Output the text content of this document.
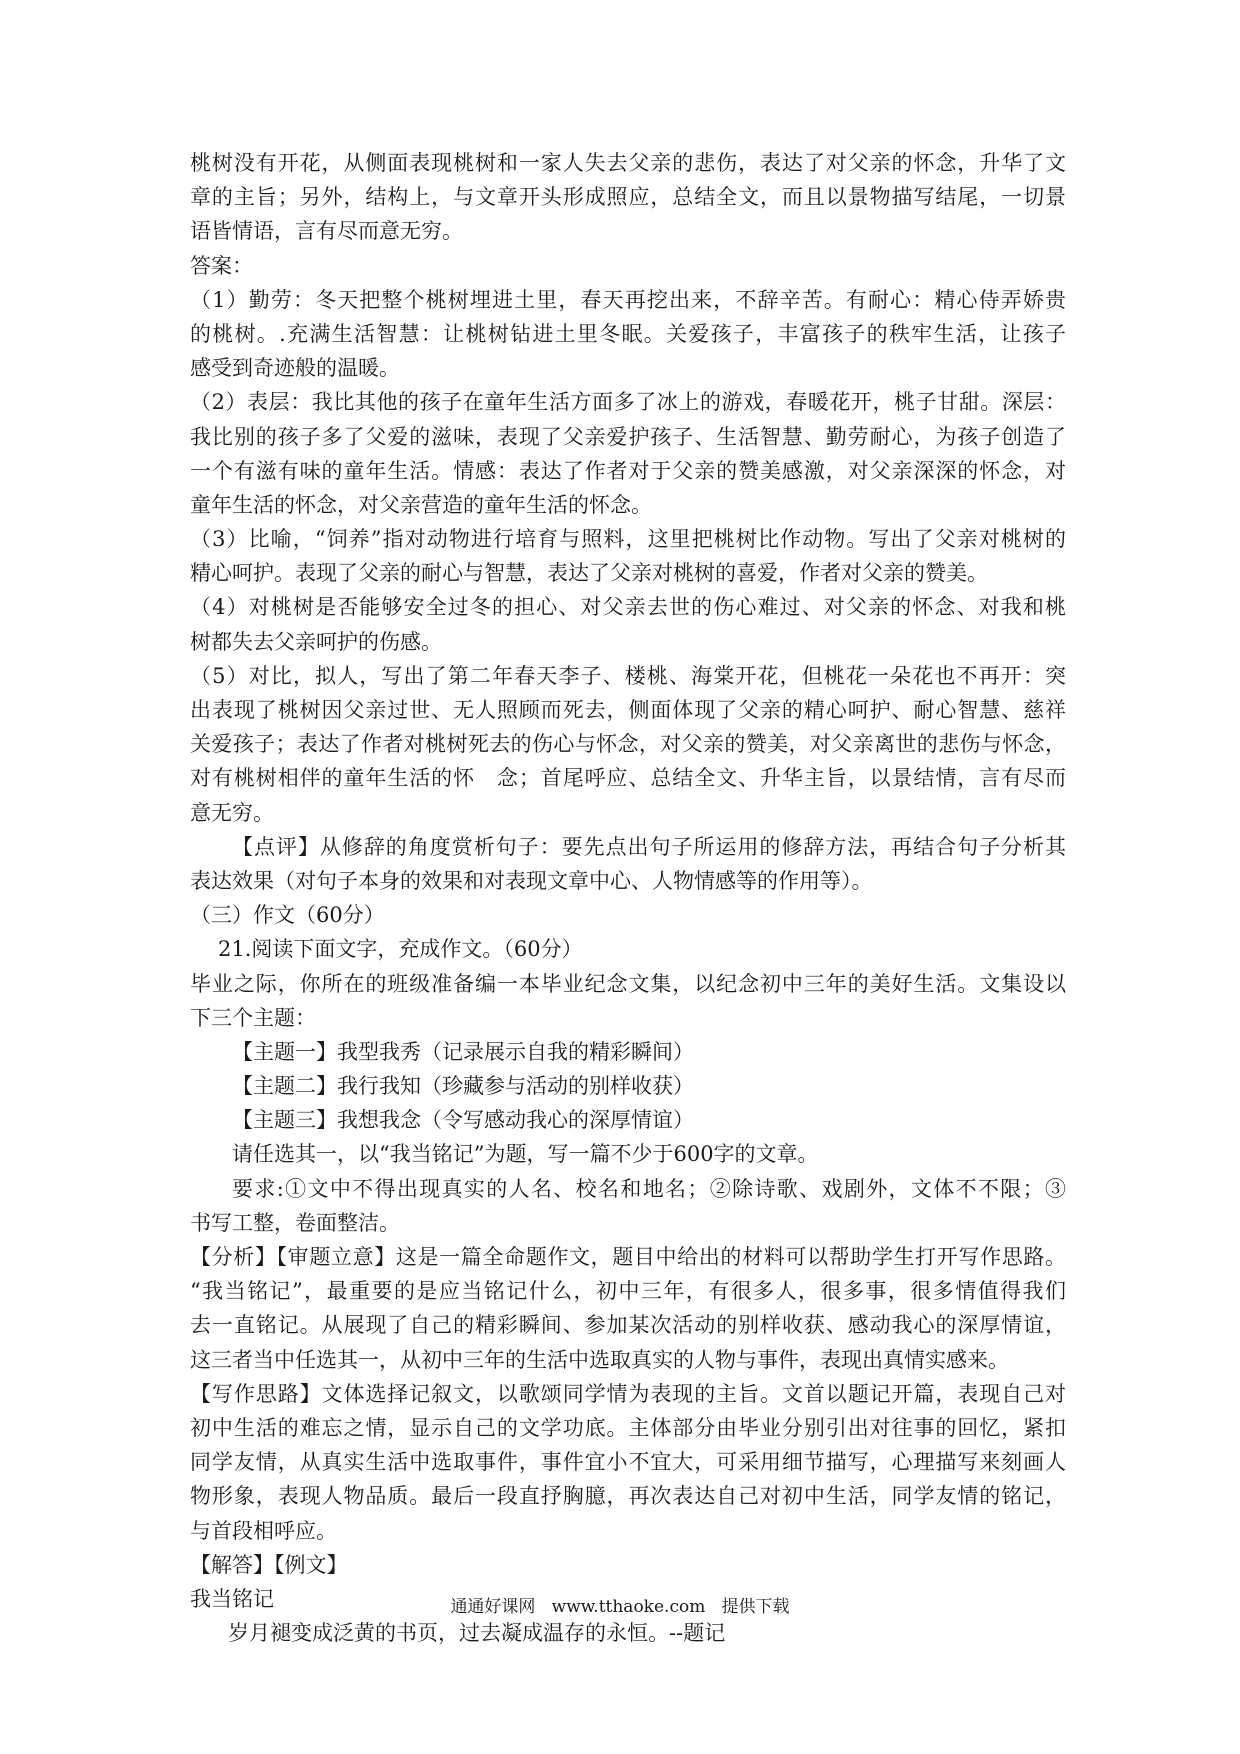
桃树没有开花，从侧面表现桃树和一家人失去父亲的悲伤，表达了对父亲的怀念，升华了文
章的主旨；另外，结构上，与文章开头形成照应，总结全文，而且以景物描写结尾，一切景
语皆情语，言有尽而意无穷。
答案：
（1）勤劳：冬天把整个桃树埋进土里，春天再挖出来，不辞辛苦。有耐心：精心侍弄娇贵
的桃树。.充满生活智慧：让桃树钻进土里冬眠。关爱孩子，丰富孩子的秩牢生活，让孩子
感受到奇迹般的温暖。
（2）表层：我比其他的孩子在童年生活方面多了冰上的游戏，春暖花开，桃子甘甜。深层：
我比别的孩子多了父爱的滋味，表现了父亲爱护孩子、生活智慧、勤劳耐心，为孩子创造了
一个有滋有味的童年生活。情感：表达了作者对于父亲的赞美感激，对父亲深深的怀念，对
童年生活的怀念，对父亲营造的童年生活的怀念。
（3）比喻，“饲养”指对动物进行培育与照料，这里把桃树比作动物。写出了父亲对桃树的
精心呵护。表现了父亲的耐心与智慧，表达了父亲对桃树的喜爱，作者对父亲的赞美。
（4）对桃树是否能够安全过冬的担心、对父亲去世的伤心难过、对父亲的怀念、对我和桃
树都失去父亲呵护的伤感。
（5）对比，拟人，写出了第二年春天李子、楼桃、海棠开花，但桃花一朵花也不再开：突
出表现了桃树因父亲过世、无人照顾而死去，侧面体现了父亲的精心呵护、耐心智慧、慈祥
关爱孩子；表达了作者对桃树死去的伤心与怀念，对父亲的赞美，对父亲离世的悲伤与怀念，
对有桃树相伴的童年生活的怀　念；首尾呼应、总结全文、升华主旨，以景结情，言有尽而
意无穷。
【点评】从修辞的角度赏析句子：要先点出句子所运用的修辞方法，再结合句子分析其
表达效果（对句子本身的效果和对表现文章中心、人物情感等的作用等）。
（三）作文（60分）
21.阅读下面文字，充成作文。（60分）
毕业之际，你所在的班级准备编一本毕业纪念文集，以纪念初中三年的美好生活。文集设以
下三个主题：
【主题一】我型我秀（记录展示自我的精彩瞬间）
【主题二】我行我知（珍藏参与活动的别样收获）
【主题三】我想我念（令写感动我心的深厚情谊）
请任选其一，以“我当铭记”为题，写一篇不少于600字的文章。
要求:①文中不得出现真实的人名、校名和地名；②除诗歌、戏剧外，文体不不限；③
书写工整，卷面整洁。
【分析】【审题立意】这是一篇全命题作文，题目中给出的材料可以帮助学生打开写作思路。
“我当铭记”，最重要的是应当铭记什么，初中三年，有很多人，很多事，很多情值得我们
去一直铭记。从展现了自己的精彩瞬间、参加某次活动的别样收获、感动我心的深厚情谊，
这三者当中任选其一，从初中三年的生活中选取真实的人物与事件，表现出真情实感来。
【写作思路】文体选择记叙文，以歌颂同学情为表现的主旨。文首以题记开篇，表现自己对
初中生活的难忘之情，显示自己的文学功底。主体部分由毕业分别引出对往事的回忆，紧扣
同学友情，从真实生活中选取事件，事件宜小不宜大，可采用细节描写，心理描写来刻画人
物形象，表现人物品质。最后一段直抒胸臆，再次表达自己对初中生活，同学友情的铭记，
与首段相呼应。
【解答】【例文】
我当铭记
岁月褪变成泛黄的书页，过去凝成温存的永恒。--题记
通通好课网 www.tthaoke.com 提供下载
